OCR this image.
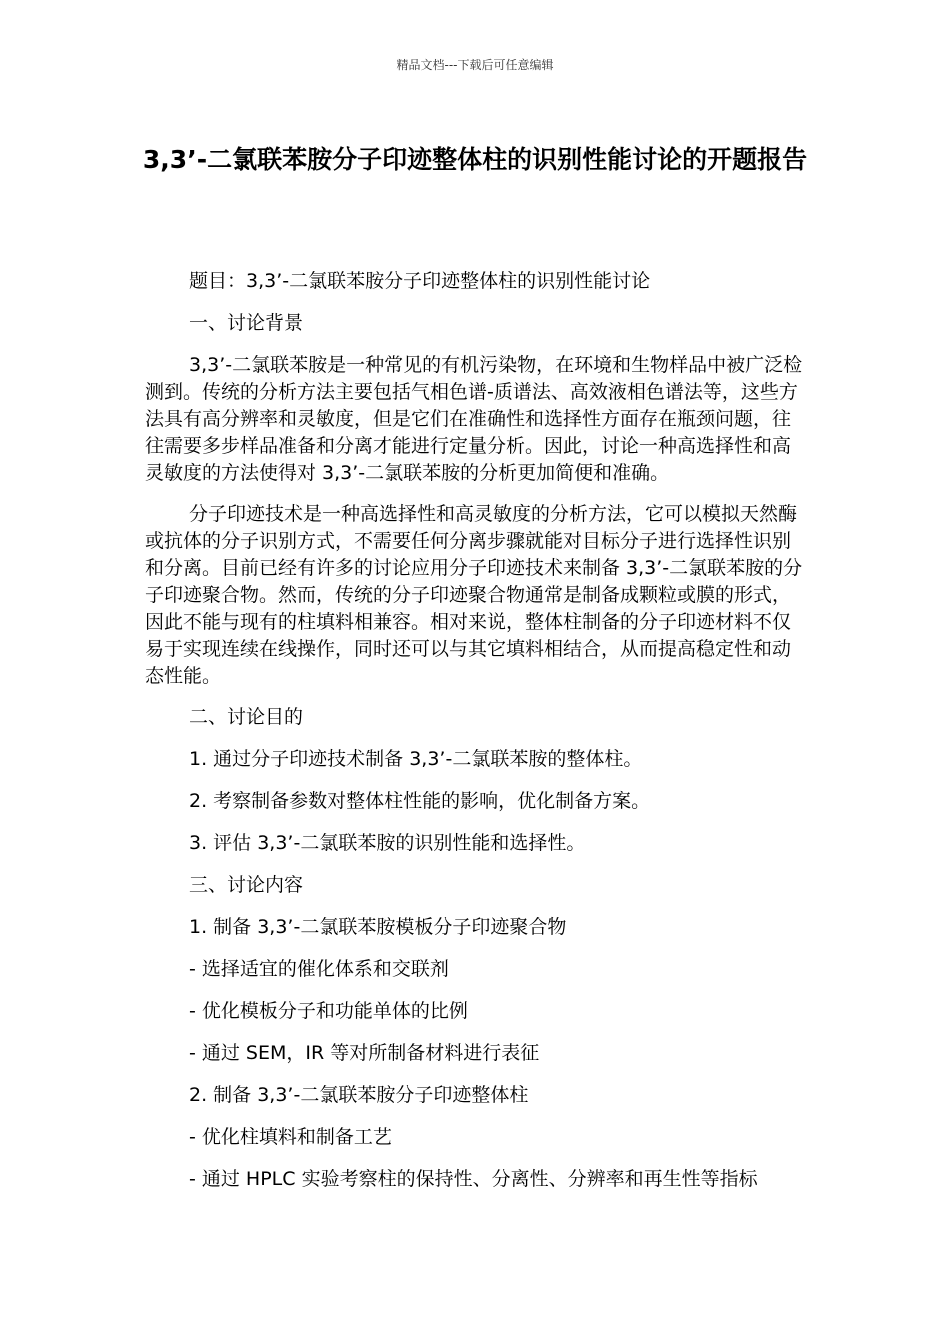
精品文档---下载后可任意编辑
3,3’-二氯联苯胺分子印迹整体柱的识别性能讨论的开题报告

题目：3,3’-二氯联苯胺分子印迹整体柱的识别性能讨论

一、讨论背景

3,3’-二氯联苯胺是一种常见的有机污染物，在环境和生物样品中被广泛检测到。传统的分析方法主要包括气相色谱-质谱法、高效液相色谱法等，这些方法具有高分辨率和灵敏度，但是它们在准确性和选择性方面存在瓶颈问题，往往需要多步样品准备和分离才能进行定量分析。因此，讨论一种高选择性和高灵敏度的方法使得对 3,3’-二氯联苯胺的分析更加简便和准确。

分子印迹技术是一种高选择性和高灵敏度的分析方法，它可以模拟天然酶或抗体的分子识别方式，不需要任何分离步骤就能对目标分子进行选择性识别和分离。目前已经有许多的讨论应用分子印迹技术来制备 3,3’-二氯联苯胺的分子印迹聚合物。然而，传统的分子印迹聚合物通常是制备成颗粒或膜的形式，因此不能与现有的柱填料相兼容。相对来说，整体柱制备的分子印迹材料不仅易于实现连续在线操作，同时还可以与其它填料相结合，从而提高稳定性和动态性能。

二、讨论目的

1. 通过分子印迹技术制备 3,3’-二氯联苯胺的整体柱。

2. 考察制备参数对整体柱性能的影响，优化制备方案。

3. 评估 3,3’-二氯联苯胺的识别性能和选择性。

三、讨论内容

1. 制备 3,3’-二氯联苯胺模板分子印迹聚合物

- 选择适宜的催化体系和交联剂

- 优化模板分子和功能单体的比例

- 通过 SEM，IR 等对所制备材料进行表征

2. 制备 3,3’-二氯联苯胺分子印迹整体柱

- 优化柱填料和制备工艺

- 通过 HPLC 实验考察柱的保持性、分离性、分辨率和再生性等指标
